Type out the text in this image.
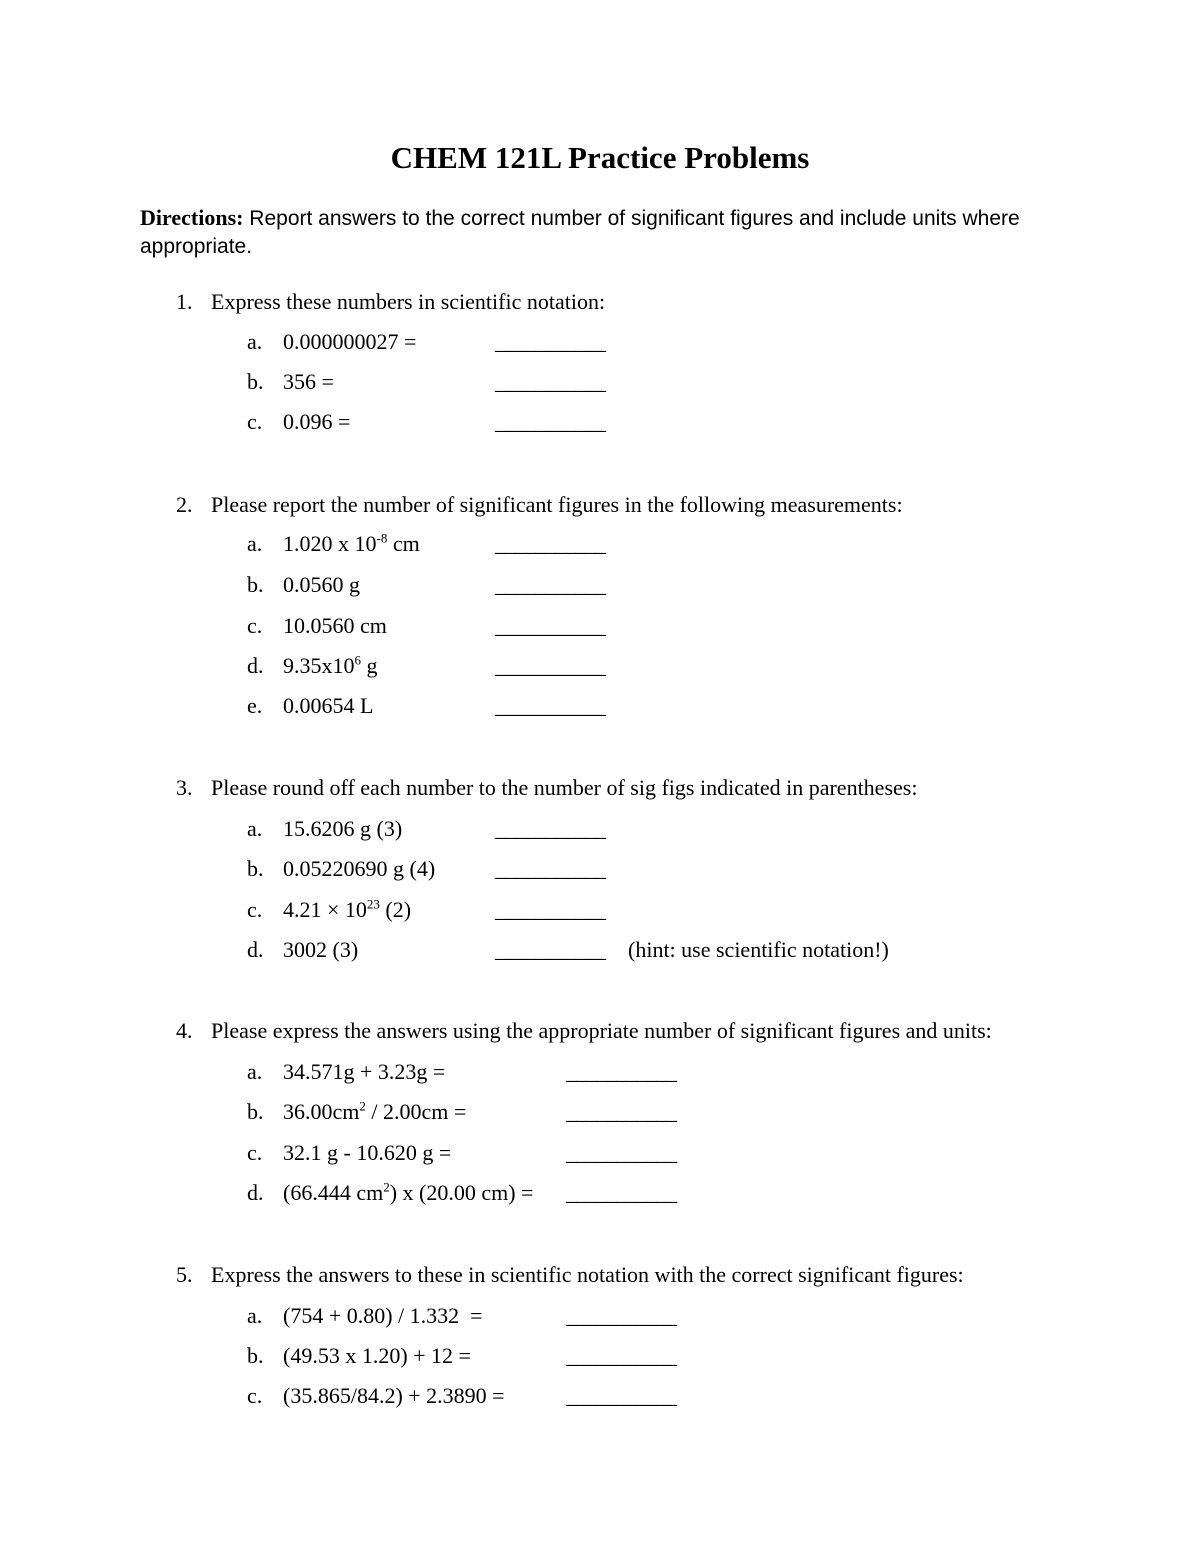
CHEM 121L Practice Problems
Directions: Report answers to the correct number of significant figures and include units where appropriate.
1. Express these numbers in scientific notation:
a. 0.000000027 =	___________
b. 356 =	___________
c. 0.096 =	___________
2. Please report the number of significant figures in the following measurements:
a. 1.020 x $10^{-8}$ cm	___________
b. 0.0560 g	___________
c. 10.0560 cm	___________
d. $9.35x10^6$ g	___________
e. 0.00654 L	___________
3. Please round off each number to the number of sig figs indicated in parentheses:
a. 15.6206 g (3)	___________
b. 0.05220690 g (4)	___________
c. $4.21 \times 10^{23}$ (2)	___________
d. 3002 (3)	___________ (hint: use scientific notation!)
4. Please express the answers using the appropriate number of significant figures and units:
a. 34.571g + 3.23g =	___________
b. $36.00cm^2 / 2.00cm$ =	___________
c. 32.1 g - 10.620 g =	___________
d. (66.444 $cm^2$) x (20.00 cm) = ___________
5. Express the answers to these in scientific notation with the correct significant figures:
a. (754 + 0.80) / 1.332  =	___________
b. (49.53 x 1.20) + 12 =	___________
c. (35.865/84.2) + 2.3890 =	___________
